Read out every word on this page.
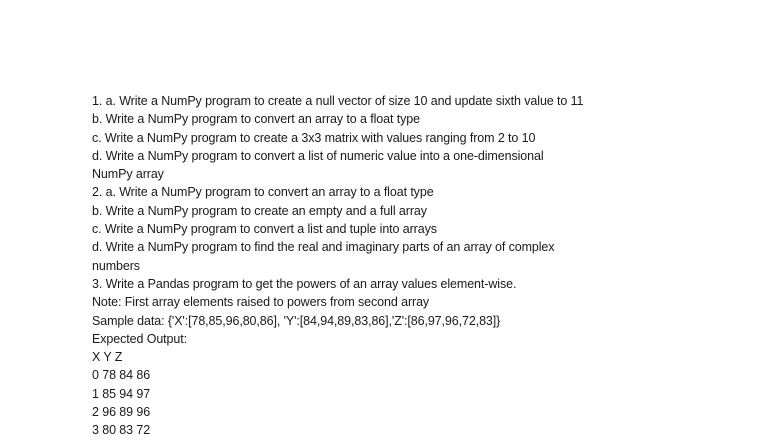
1. a. Write a NumPy program to create a null vector of size 10 and update sixth value to 11
b. Write a NumPy program to convert an array to a float type
c. Write a NumPy program to create a 3x3 matrix with values ranging from 2 to 10
d. Write a NumPy program to convert a list of numeric value into a one-dimensional
NumPy array
2. a. Write a NumPy program to convert an array to a float type
b. Write a NumPy program to create an empty and a full array
c. Write a NumPy program to convert a list and tuple into arrays
d. Write a NumPy program to find the real and imaginary parts of an array of complex
numbers
3. Write a Pandas program to get the powers of an array values element-wise.
Note: First array elements raised to powers from second array
Sample data: {'X':[78,85,96,80,86], 'Y':[84,94,89,83,86],'Z':[86,97,96,72,83]}
Expected Output:
X Y Z
0 78 84 86
1 85 94 97
2 96 89 96
3 80 83 72
